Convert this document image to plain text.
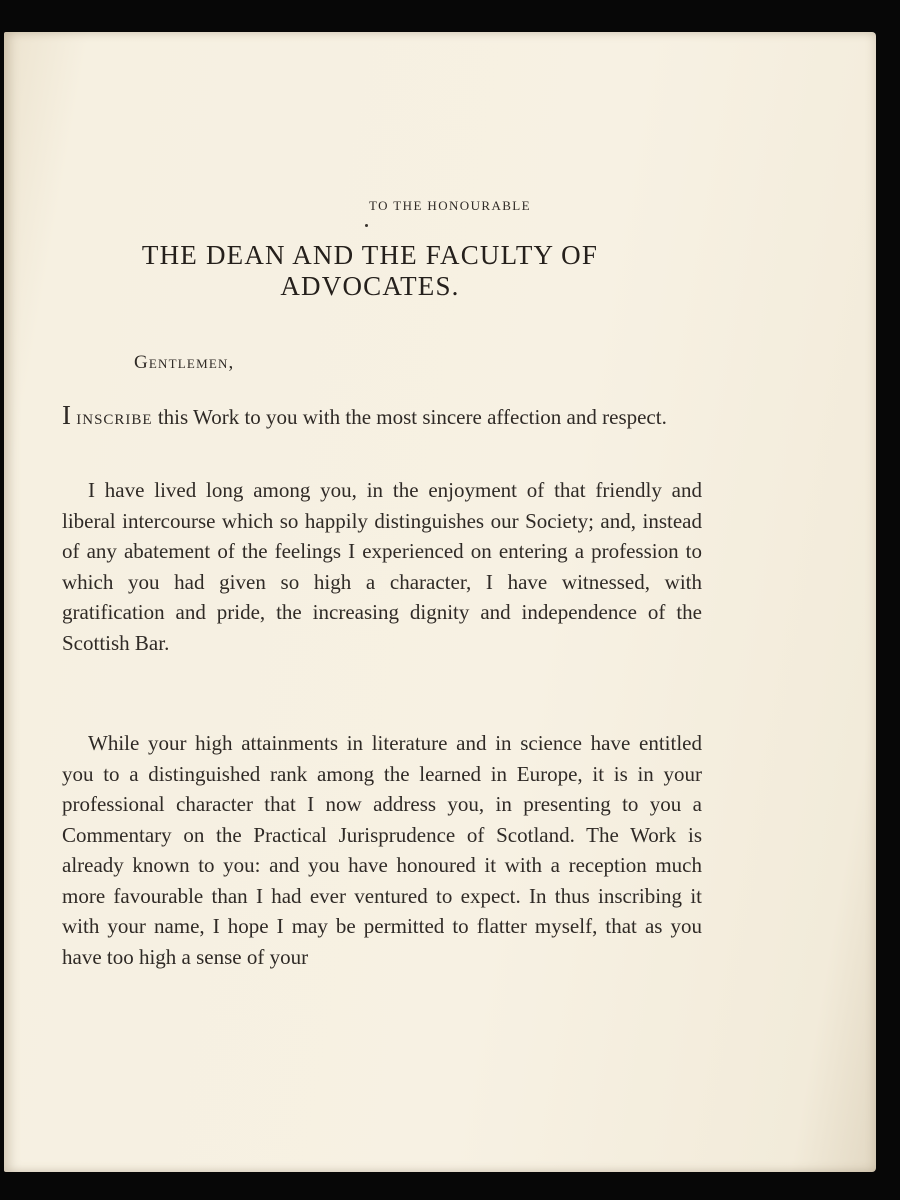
TO THE HONOURABLE
THE DEAN AND THE FACULTY OF
ADVOCATES.
Gentlemen,
I inscribe this Work to you with the most sincere affection and respect.
I have lived long among you, in the enjoyment of that friendly and liberal intercourse which so happily distinguishes our Society; and, instead of any abatement of the feelings I experienced on entering a profession to which you had given so high a character, I have witnessed, with gratification and pride, the increasing dignity and independence of the Scottish Bar.
While your high attainments in literature and in science have entitled you to a distinguished rank among the learned in Europe, it is in your professional character that I now address you, in presenting to you a Commentary on the Practical Jurisprudence of Scotland. The Work is already known to you: and you have honoured it with a reception much more favourable than I had ever ventured to expect. In thus inscribing it with your name, I hope I may be permitted to flatter myself, that as you have too high a sense of your
